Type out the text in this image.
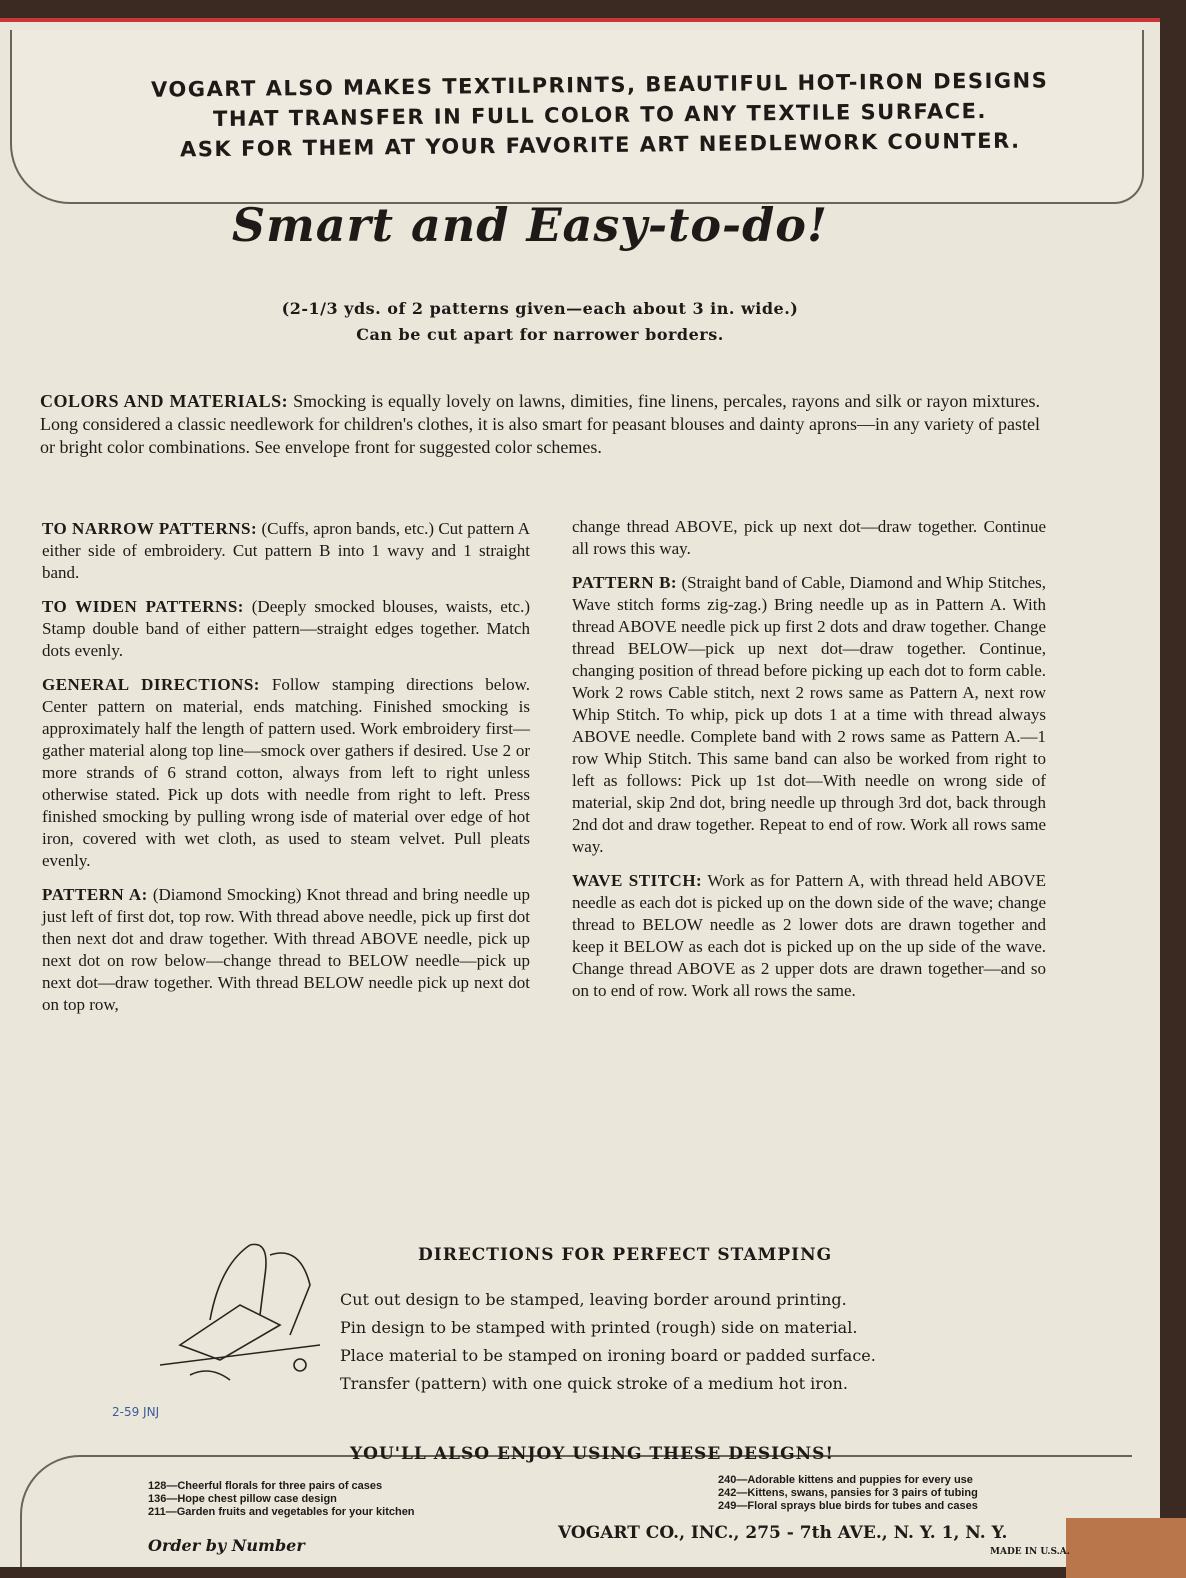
VOGART ALSO MAKES TEXTILPRINTS, BEAUTIFUL HOT-IRON DESIGNS
THAT TRANSFER IN FULL COLOR TO ANY TEXTILE SURFACE.
ASK FOR THEM AT YOUR FAVORITE ART NEEDLEWORK COUNTER.
Smart and Easy-to-do!
(2-1/3 yds. of 2 patterns given—each about 3 in. wide.)
Can be cut apart for narrower borders.
COLORS AND MATERIALS: Smocking is equally lovely on lawns, dimities, fine linens, percales, rayons and silk or rayon mixtures. Long considered a classic needlework for children's clothes, it is also smart for peasant blouses and dainty aprons—in any variety of pastel or bright color combinations. See envelope front for suggested color schemes.

TO NARROW PATTERNS: (Cuffs, apron bands, etc.) Cut pattern A either side of embroidery. Cut pattern B into 1 wavy and 1 straight band.

TO WIDEN PATTERNS: (Deeply smocked blouses, waists, etc.) Stamp double band of either pattern—straight edges together. Match dots evenly.

GENERAL DIRECTIONS: Follow stamping directions below. Center pattern on material, ends matching. Finished smocking is approximately half the length of pattern used. Work embroidery first—gather material along top line—smock over gathers if desired. Use 2 or more strands of 6 strand cotton, always from left to right unless otherwise stated. Pick up dots with needle from right to left. Press finished smocking by pulling wrong isde of material over edge of hot iron, covered with wet cloth, as used to steam velvet. Pull pleats evenly.

PATTERN A: (Diamond Smocking) Knot thread and bring needle up just left of first dot, top row. With thread above needle, pick up first dot then next dot and draw together. With thread ABOVE needle, pick up next dot on row below—change thread to BELOW needle—pick up next dot—draw together. With thread BELOW needle pick up next dot on top row,

change thread ABOVE, pick up next dot—draw together. Continue all rows this way.

PATTERN B: (Straight band of Cable, Diamond and Whip Stitches, Wave stitch forms zig-zag.) Bring needle up as in Pattern A. With thread ABOVE needle pick up first 2 dots and draw together. Change thread BELOW—pick up next dot—draw together. Continue, changing position of thread before picking up each dot to form cable. Work 2 rows Cable stitch, next 2 rows same as Pattern A, next row Whip Stitch. To whip, pick up dots 1 at a time with thread always ABOVE needle. Complete band with 2 rows same as Pattern A.—1 row Whip Stitch. This same band can also be worked from right to left as follows: Pick up 1st dot—With needle on wrong side of material, skip 2nd dot, bring needle up through 3rd dot, back through 2nd dot and draw together. Repeat to end of row. Work all rows same way.

WAVE STITCH: Work as for Pattern A, with thread held ABOVE needle as each dot is picked up on the down side of the wave; change thread to BELOW needle as 2 lower dots are drawn together and keep it BELOW as each dot is picked up on the up side of the wave. Change thread ABOVE as 2 upper dots are drawn together—and so on to end of row. Work all rows the same.

2-59 JNJ
DIRECTIONS FOR PERFECT STAMPING
Cut out design to be stamped, leaving border around printing.
Pin design to be stamped with printed (rough) side on material.
Place material to be stamped on ironing board or padded surface.
Transfer (pattern) with one quick stroke of a medium hot iron.
YOU'LL ALSO ENJOY USING THESE DESIGNS!
128—Cheerful florals for three pairs of cases
136—Hope chest pillow case design
211—Garden fruits and vegetables for your kitchen
240—Adorable kittens and puppies for every use
242—Kittens, swans, pansies for 3 pairs of tubing
249—Floral sprays blue birds for tubes and cases
Order by Number
VOGART CO., INC., 275 - 7th AVE., N. Y. 1, N. Y.
MADE IN U.S.A.
